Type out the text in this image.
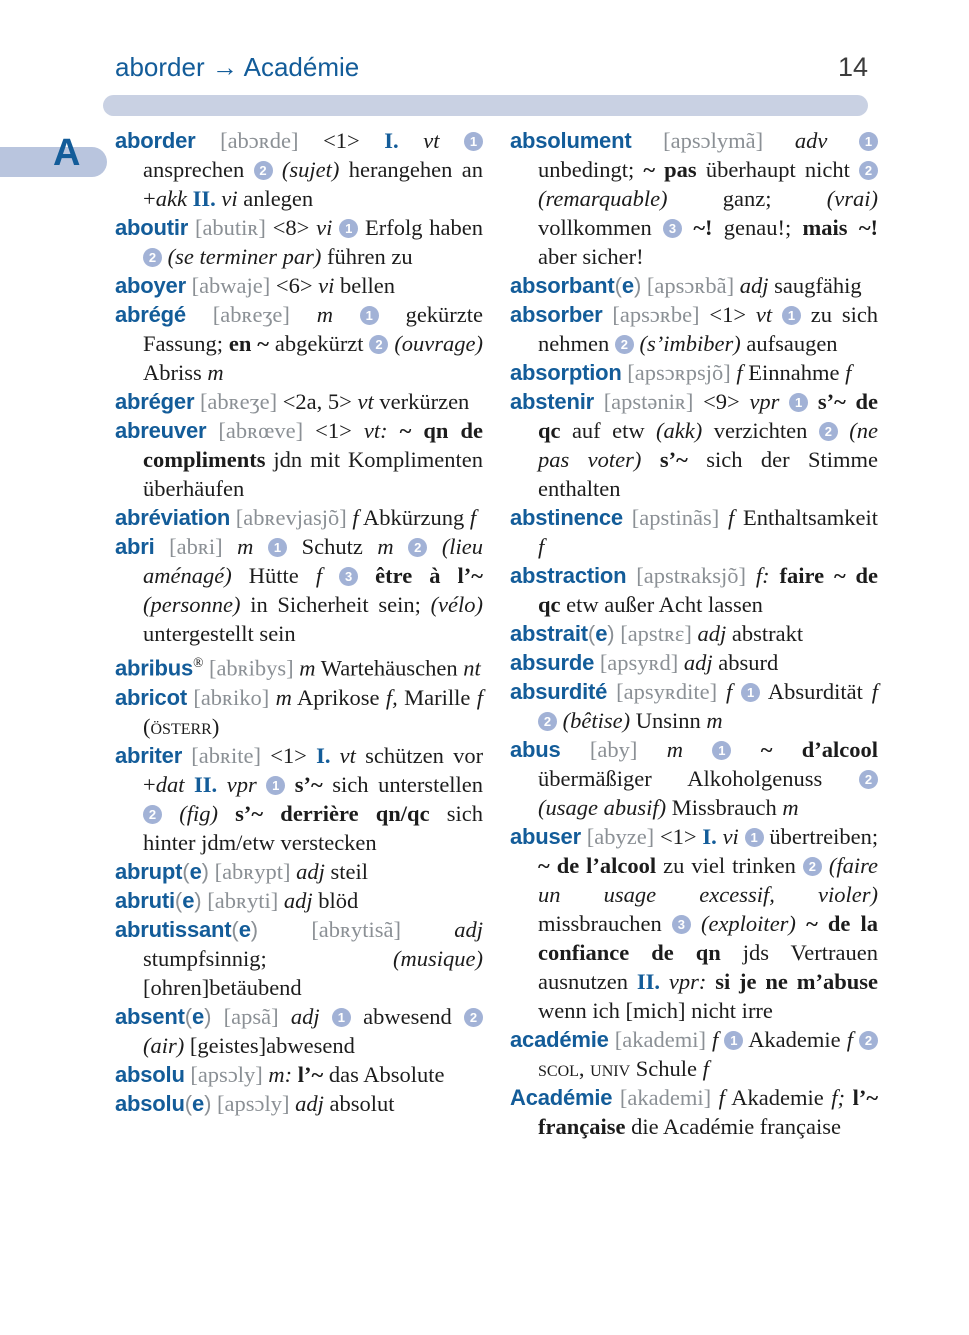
aborder → Académie	14
A aborder [abɔʀde] <1> I. vt 1 ansprechen 2 (sujet) herangehen an +akk II. vi anlegen

aboutir [abutiʀ] <8> vi 1 Erfolg haben 2 (se terminer par) führen zu

aboyer [abwaje] <6> vi bellen

abrégé [abʀeʒe] m	1 gekürzte Fassung; en ~ abgekürzt 2 (ouvrage) Abriss m

abréger [abʀeʒe] <2a, 5> vt verkürzen

abreuver [abʀœve] <1> vt: ~ qn de compliments jdn mit Komplimenten überhäufen

abréviation [abʀevjasjõ] f Abkürzung f

abri [abʀi] m 1 Schutz m 2 (lieu aménagé) Hütte f 3 être à l’~ (personne) in Sicherheit sein; (vélo) untergestellt sein

abribus® [abʀibys] m Wartehäuschen nt

abricot [abʀiko] m Aprikose f, Marille f (österr)

abriter [abʀite] <1> I. vt schützen vor +dat II. vpr 1 s’~ sich unterstellen 2 (fig) s’~ derrière qn/qc sich hinter jdm/etw verstecken

abrupt(e) [abʀypt] adj steil

abruti(e) [abʀyti] adj blöd

abrutissant(e) [abʀytisã] adj stumpfsinnig;	(musique) [ohren]betäubend

absent(e) [apsã] adj 1 abwesend 2 (air) [geistes]abwesend

absolu [apsɔly] m: l’~ das Absolute

absolu(e) [apsɔly] adj absolut

absolument [apsɔlymã] adv	1 unbedingt; ~ pas überhaupt nicht 2 (remarquable) ganz; (vrai) vollkommen 3 ~! genau!; mais ~! aber sicher!

absorbant(e) [apsɔʀbã] adj saugfähig

absorber [apsɔʀbe] <1> vt 1 zu sich nehmen 2 (s’imbiber) aufsaugen

absorption [apsɔʀpsjõ] f Einnahme f

abstenir [apstəniʀ] <9> vpr 1 s’~ de qc auf etw (akk) verzichten 2 (ne pas voter) s’~ sich der Stimme enthalten

abstinence [apstinãs] f Enthaltsamkeit f

abstraction [apstʀaksjõ] f: faire ~ de qc etw außer Acht lassen

abstrait(e) [apstʀɛ] adj abstrakt

absurde [apsyʀd] adj absurd

absurdité [apsyʀdite] f 1 Absurdität f 2 (bêtise) Unsinn m

abus [aby] m	1 ~ d’alcool übermäßiger Alkoholgenuss	2 (usage abusif) Missbrauch m

abuser [abyze] <1> I. vi 1 übertreiben; ~ de l’alcool zu viel trinken 2 (faire un usage excessif, violer) missbrauchen 3 (exploiter) ~ de la confiance de qn jds Vertrauen ausnutzen II. vpr: si je ne m’abuse wenn ich [mich] nicht irre

académie [akademi] f 1 Akademie f 2 scol, univ Schule f

Académie [akademi] f Akademie f; l’~ française die Académie française
